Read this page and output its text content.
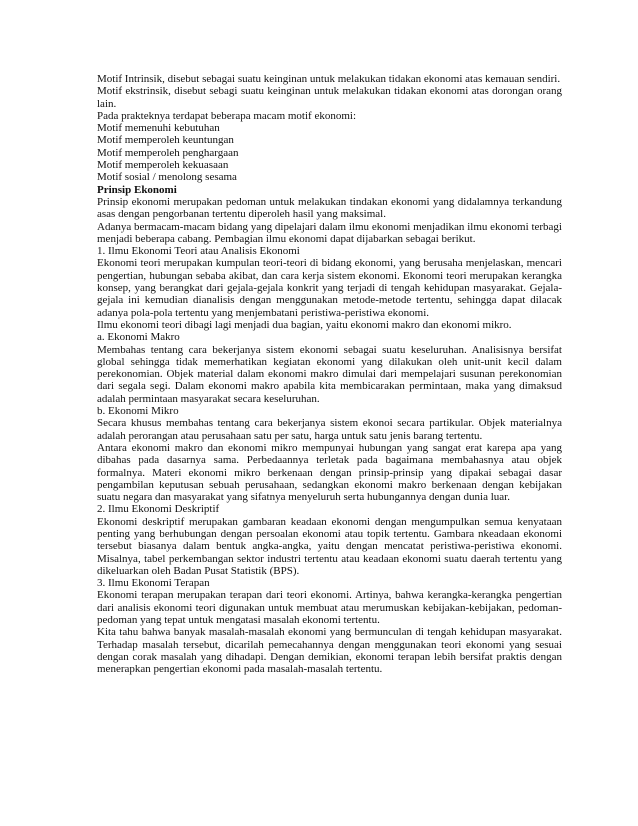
Motif Intrinsik, disebut sebagai suatu keinginan untuk melakukan tidakan ekonomi atas kemauan sendiri.

Motif ekstrinsik, disebut sebagi suatu keinginan untuk melakukan tidakan ekonomi atas dorongan orang lain.

Pada prakteknya terdapat beberapa macam motif ekonomi:

Motif memenuhi kebutuhan

Motif memperoleh keuntungan

Motif memperoleh penghargaan

Motif memperoleh kekuasaan

Motif sosial / menolong sesama

Prinsip Ekonomi

Prinsip ekonomi merupakan pedoman untuk melakukan tindakan ekonomi yang didalamnya terkandung asas dengan pengorbanan tertentu diperoleh hasil yang maksimal.

Adanya bermacam-macam bidang yang dipelajari dalam ilmu ekonomi menjadikan ilmu ekonomi terbagi menjadi beberapa cabang. Pembagian ilmu ekonomi dapat dijabarkan sebagai berikut.

1. Ilmu Ekonomi Teori atau Analisis Ekonomi

Ekonomi teori merupakan kumpulan teori-teori di bidang ekonomi, yang berusaha menjelaskan, mencari pengertian, hubungan sebaba akibat, dan cara kerja sistem ekonomi. Ekonomi teori merupakan kerangka konsep, yang berangkat dari gejala-gejala konkrit yang terjadi di tengah kehidupan masyarakat. Gejala-gejala ini kemudian dianalisis dengan menggunakan metode-metode tertentu, sehingga dapat dilacak adanya pola-pola tertentu yang menjembatani peristiwa-peristiwa ekonomi.

Ilmu ekonomi teori dibagi lagi menjadi dua bagian, yaitu ekonomi makro dan ekonomi mikro.

a. Ekonomi Makro

Membahas tentang cara bekerjanya sistem ekonomi sebagai suatu keseluruhan. Analisisnya bersifat global sehingga tidak memerhatikan kegiatan ekonomi yang dilakukan oleh unit-unit kecil dalam perekonomian. Objek material dalam ekonomi makro dimulai dari mempelajari susunan perekonomian dari segala segi. Dalam ekonomi makro apabila kita membicarakan permintaan, maka yang dimaksud adalah permintaan masyarakat secara keseluruhan.

b. Ekonomi Mikro

Secara khusus membahas tentang cara bekerjanya sistem ekonoi secara partikular. Objek materialnya adalah perorangan atau perusahaan satu per satu, harga untuk satu jenis barang tertentu.

Antara ekonomi makro dan ekonomi mikro mempunyai hubungan yang sangat erat karepa apa yang dibahas pada dasarnya sama. Perbedaannya terletak pada bagaimana membahasnya atau objek formalnya. Materi ekonomi mikro berkenaan dengan prinsip-prinsip yang dipakai sebagai dasar pengambilan keputusan sebuah perusahaan, sedangkan ekonomi makro berkenaan dengan kebijakan suatu negara dan masyarakat yang sifatnya menyeluruh serta hubungannya dengan dunia luar.

2. Ilmu Ekonomi Deskriptif

Ekonomi deskriptif merupakan gambaran keadaan ekonomi dengan mengumpulkan semua kenyataan penting yang berhubungan dengan persoalan ekonomi atau topik tertentu. Gambara nkeadaan ekonomi tersebut biasanya dalam bentuk angka-angka, yaitu dengan mencatat peristiwa-peristiwa ekonomi. Misalnya, tabel perkembangan sektor industri tertentu atau keadaan ekonomi suatu daerah tertentu yang dikeluarkan oleh Badan Pusat Statistik (BPS).

3. Ilmu Ekonomi Terapan

Ekonomi terapan merupakan terapan dari teori ekonomi. Artinya, bahwa kerangka-kerangka pengertian dari analisis ekonomi teori digunakan untuk membuat atau merumuskan kebijakan-kebijakan, pedoman-pedoman yang tepat untuk mengatasi masalah ekonomi tertentu.

Kita tahu bahwa banyak masalah-masalah ekonomi yang bermunculan di tengah kehidupan masyarakat. Terhadap masalah tersebut, dicarilah pemecahannya dengan menggunakan teori ekonomi yang sesuai dengan corak masalah yang dihadapi. Dengan demikian, ekonomi terapan lebih bersifat praktis dengan menerapkan pengertian ekonomi pada masalah-masalah tertentu.
